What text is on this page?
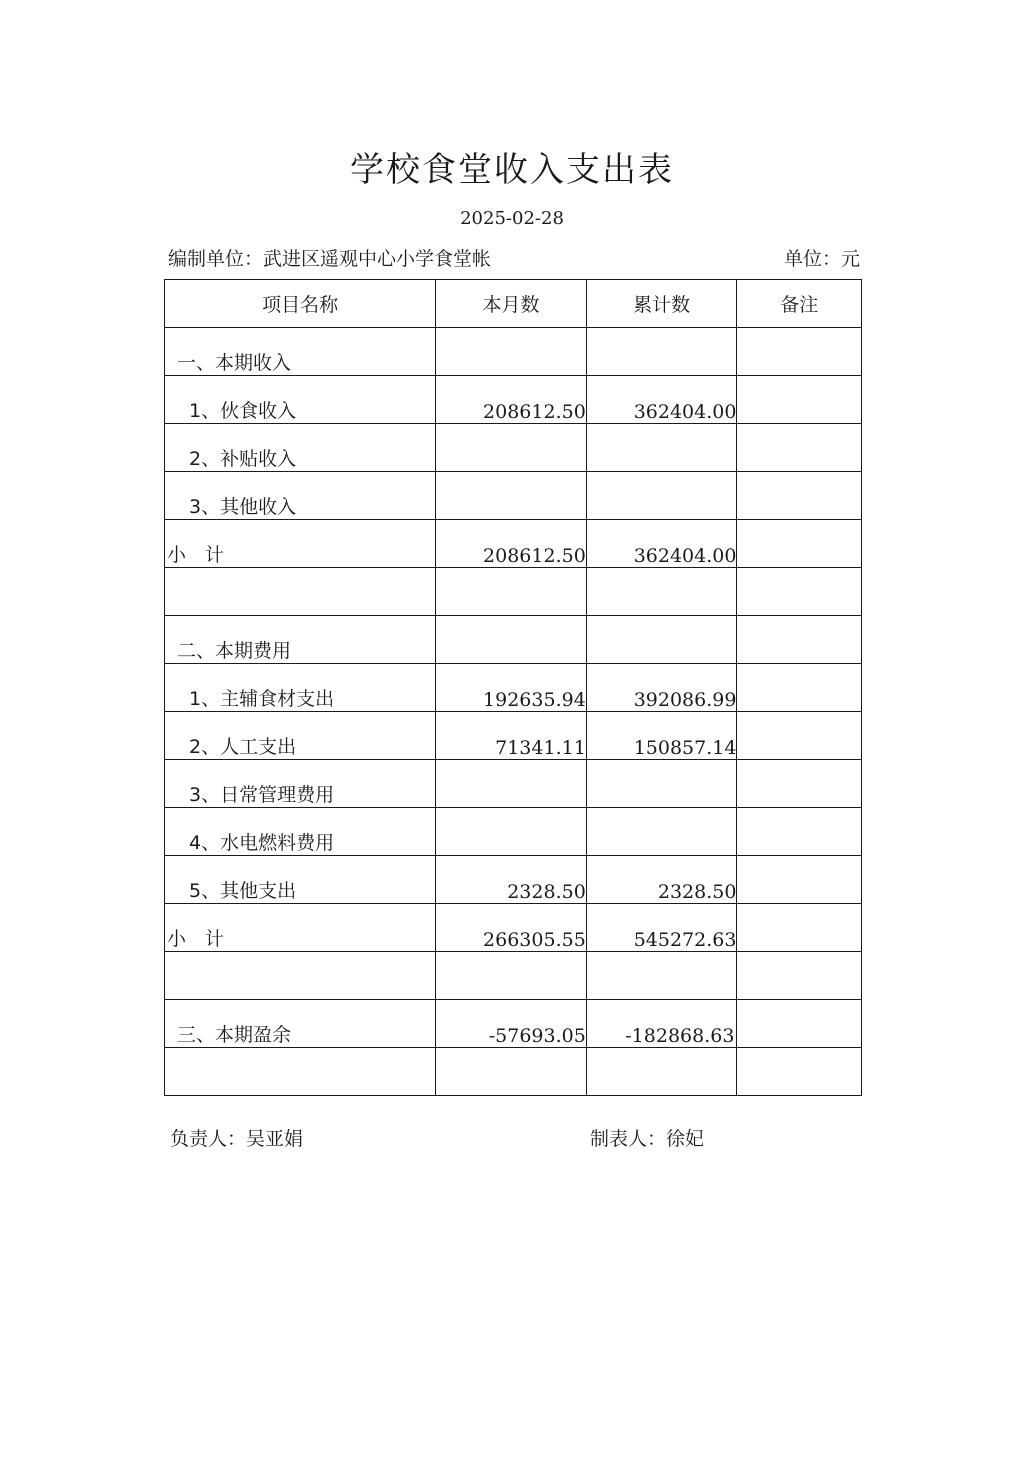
学校食堂收入支出表
2025-02-28
编制单位：武进区遥观中心小学食堂帐	单位：元
项目名称	本月数	累计数	备注
一、本期收入			
1、伙食收入	208612.50	362404.00	
2、补贴收入			
3、其他收入			
小　计	208612.50	362404.00	

二、本期费用			
1、主辅食材支出	192635.94	392086.99	
2、人工支出	71341.11	150857.14	
3、日常管理费用			
4、水电燃料费用			
5、其他支出	2328.50	2328.50	
小　计	266305.55	545272.63	

三、本期盈余	-57693.05	-182868.63	

负责人：吴亚娟	制表人：徐妃
